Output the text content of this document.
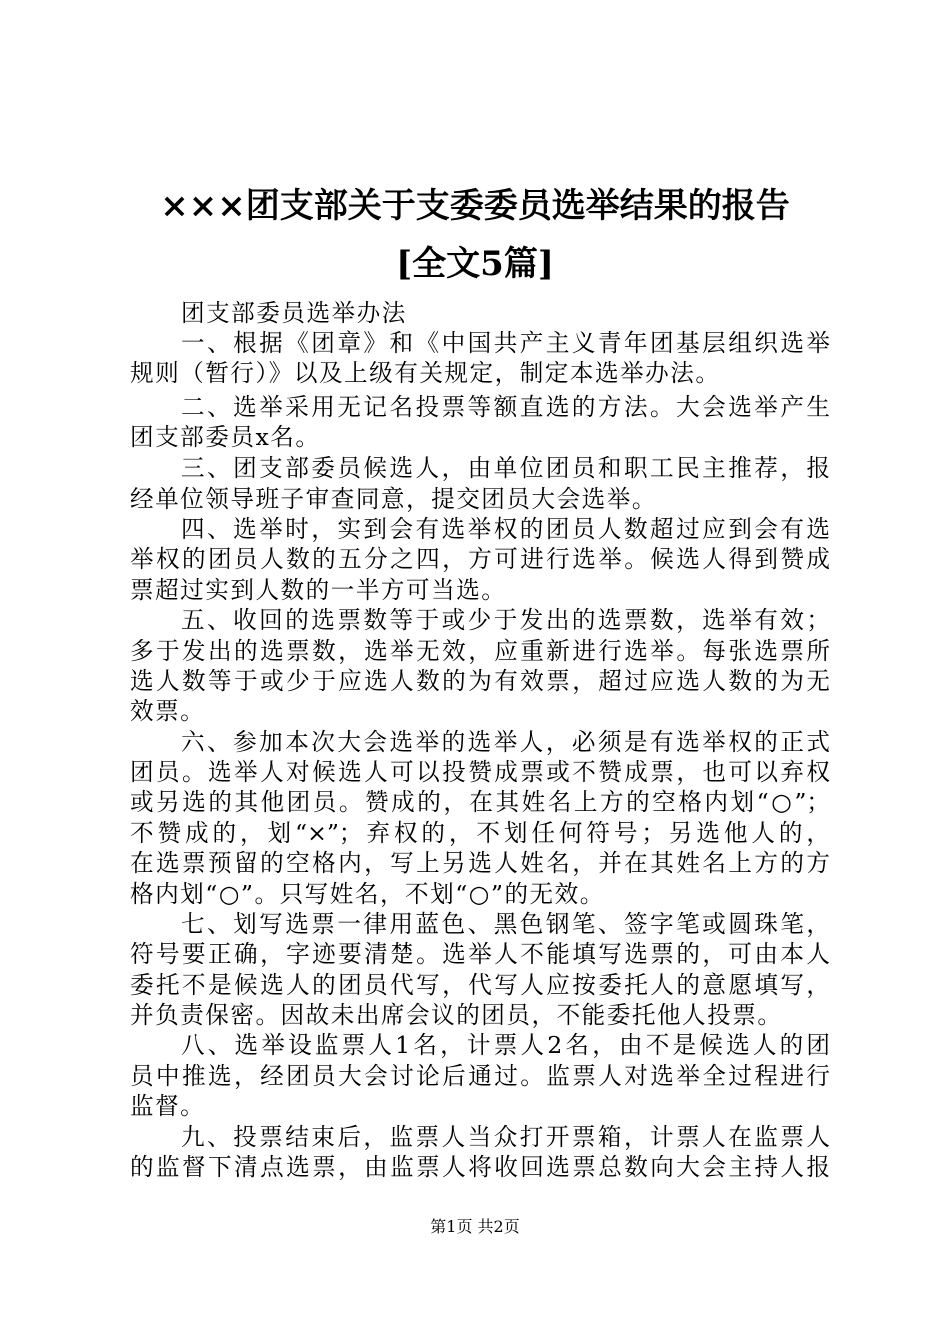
×××团支部关于支委委员选举结果的报告
[全文5篇]
团支部委员选举办法
一、根据《团章》和《中国共产主义青年团基层组织选举
规则（暂行）》以及上级有关规定，制定本选举办法。
二、选举采用无记名投票等额直选的方法。大会选举产生
团支部委员x名。
三、团支部委员候选人，由单位团员和职工民主推荐，报
经单位领导班子审查同意，提交团员大会选举。
四、选举时，实到会有选举权的团员人数超过应到会有选
举权的团员人数的五分之四，方可进行选举。候选人得到赞成
票超过实到人数的一半方可当选。
五、收回的选票数等于或少于发出的选票数，选举有效；
多于发出的选票数，选举无效，应重新进行选举。每张选票所
选人数等于或少于应选人数的为有效票，超过应选人数的为无
效票。
六、参加本次大会选举的选举人，必须是有选举权的正式
团员。选举人对候选人可以投赞成票或不赞成票，也可以弃权
或另选的其他团员。赞成的，在其姓名上方的空格内划“○”；
不赞成的，划“×”；弃权的，不划任何符号；另选他人的，
在选票预留的空格内，写上另选人姓名，并在其姓名上方的方
格内划“○”。只写姓名，不划“○”的无效。
七、划写选票一律用蓝色、黑色钢笔、签字笔或圆珠笔，
符号要正确，字迹要清楚。选举人不能填写选票的，可由本人
委托不是候选人的团员代写，代写人应按委托人的意愿填写，
并负责保密。因故未出席会议的团员，不能委托他人投票。
八、选举设监票人1名，计票人2名，由不是候选人的团
员中推选，经团员大会讨论后通过。监票人对选举全过程进行
监督。
九、投票结束后，监票人当众打开票箱，计票人在监票人
的监督下清点选票，由监票人将收回选票总数向大会主持人报
第1页 共2页
